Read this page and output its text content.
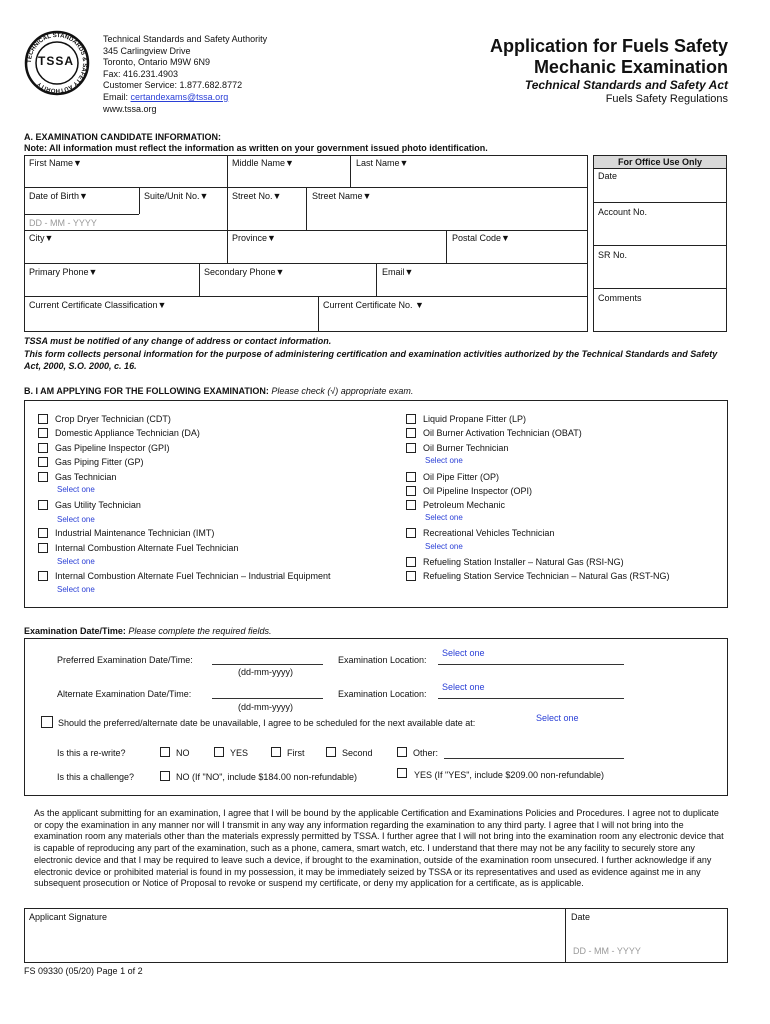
TECHNICAL STANDARDS & SAFETY AUTHORITY
TSSA
Technical Standards and Safety Authority
345 Carlingview Drive
Toronto, Ontario M9W 6N9
Fax: 416.231.4903
Customer Service: 1.877.682.8772
Email: certandexams@tssa.org
www.tssa.org
Application for Fuels Safety
Mechanic Examination
Technical Standards and Safety Act
Fuels Safety Regulations
A. EXAMINATION CANDIDATE INFORMATION:
Note: All information must reflect the information as written on your government issued photo identification.
First Name▼	Middle Name▼	Last Name▼
Date of Birth▼	Suite/Unit No.▼	Street No.▼	Street Name▼
DD - MM - YYYY
City▼	Province▼	Postal Code▼
Primary Phone▼	Secondary Phone▼	Email▼
Current Certificate Classification▼	Current Certificate No. ▼
For Office Use Only
Date
Account No.
SR No.
Comments
TSSA must be notified of any change of address or contact information.
This form collects personal information for the purpose of administering certification and examination activities authorized by the Technical Standards and Safety Act, 2000, S.O. 2000, c. 16.
B. I AM APPLYING FOR THE FOLLOWING EXAMINATION: Please check (√) appropriate exam.
Crop Dryer Technician (CDT)
Domestic Appliance Technician (DA)
Gas Pipeline Inspector (GPI)
Gas Piping Fitter (GP)
Gas Technician
Select one
Gas Utility Technician
Select one
Industrial Maintenance Technician (IMT)
Internal Combustion Alternate Fuel Technician
Select one
Internal Combustion Alternate Fuel Technician – Industrial Equipment
Select one
Liquid Propane Fitter (LP)
Oil Burner Activation Technician (OBAT)
Oil Burner Technician
Select one
Oil Pipe Fitter (OP)
Oil Pipeline Inspector (OPI)
Petroleum Mechanic
Select one
Recreational Vehicles Technician
Select one
Refueling Station Installer – Natural Gas (RSI-NG)
Refueling Station Service Technician – Natural Gas (RST-NG)
Examination Date/Time: Please complete the required fields.
Preferred Examination Date/Time:
(dd-mm-yyyy)
Examination Location:
Select one
Alternate Examination Date/Time:
(dd-mm-yyyy)
Examination Location:
Select one
Should the preferred/alternate date be unavailable, I agree to be scheduled for the next available date at:	Select one
Is this a re-write?	NO	YES	First	Second	Other:
Is this a challenge?	NO (If "NO", include $184.00 non-refundable)	YES (If "YES", include $209.00 non-refundable)
As the applicant submitting for an examination, I agree that I will be bound by the applicable Certification and Examinations Policies and Procedures. I agree not to duplicate or copy the examination in any manner nor will I transmit in any way any information regarding the examination to any third party. I agree that I will not bring into the examination room any materials other than the materials expressly permitted by TSSA. I further agree that I will not bring into the examination room any electronic device that is capable of reproducing any part of the examination, such as a phone, camera, smart watch, etc. I understand that there may not be any facility to securely store any electronic device and that I may be required to leave such a device, if brought to the examination, outside of the examination room unsecured. I further acknowledge if any electronic device or prohibited material is found in my possession, it may be immediately seized by TSSA or its representatives and used as evidence against me in any subsequent prosecution or Notice of Proposal to revoke or suspend my certificate, or deny my application for a certificate, as is applicable.
Applicant Signature	Date
DD - MM - YYYY
FS 09330 (05/20) Page 1 of 2
